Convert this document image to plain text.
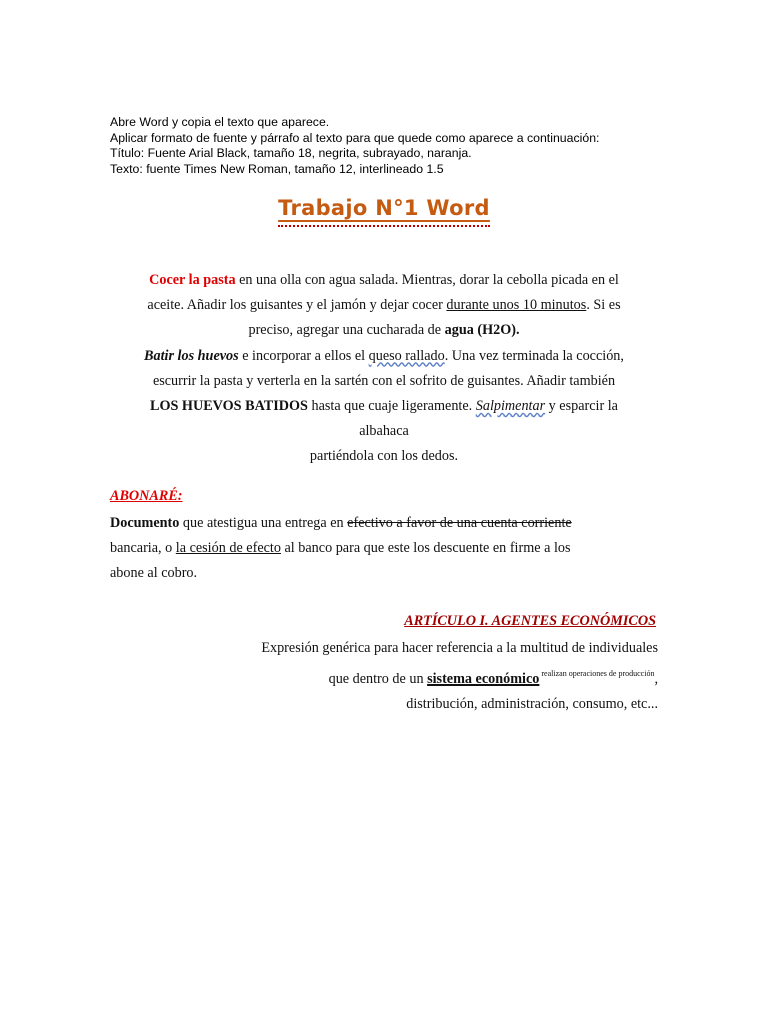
Abre Word y copia el texto que aparece.
Aplicar formato de fuente y párrafo al texto para que quede como aparece a continuación:
Título: Fuente Arial Black, tamaño 18, negrita, subrayado, naranja.
Texto: fuente Times New Roman, tamaño 12, interlineado 1.5
Trabajo N°1 Word
Cocer la pasta en una olla con agua salada. Mientras, dorar la cebolla picada en el
aceite. Añadir los guisantes y el jamón y dejar cocer durante unos 10 minutos. Si es
preciso, agregar una cucharada de agua (H2O).
Batir los huevos e incorporar a ellos el queso rallado. Una vez terminada la cocción,
escurrir la pasta y verterla en la sartén con el sofrito de guisantes. Añadir también
LOS HUEVOS BATIDOS hasta que cuaje ligeramente. Salpimentar y esparcir la
albahaca
partiéndola con los dedos.
ABONARÉ:
Documento que atestigua una entrega en efectivo a favor de una cuenta corriente
bancaria, o la cesión de efecto al banco para que este los descuente en firme a los
abone al cobro.
ARTÍCULO I. AGENTES ECONÓMICOS
Expresión genérica para hacer referencia a la multitud de individuales
que dentro de un sistema económico $^{realizan operaciones de producción}$,
distribución, administración, consumo, etc...
